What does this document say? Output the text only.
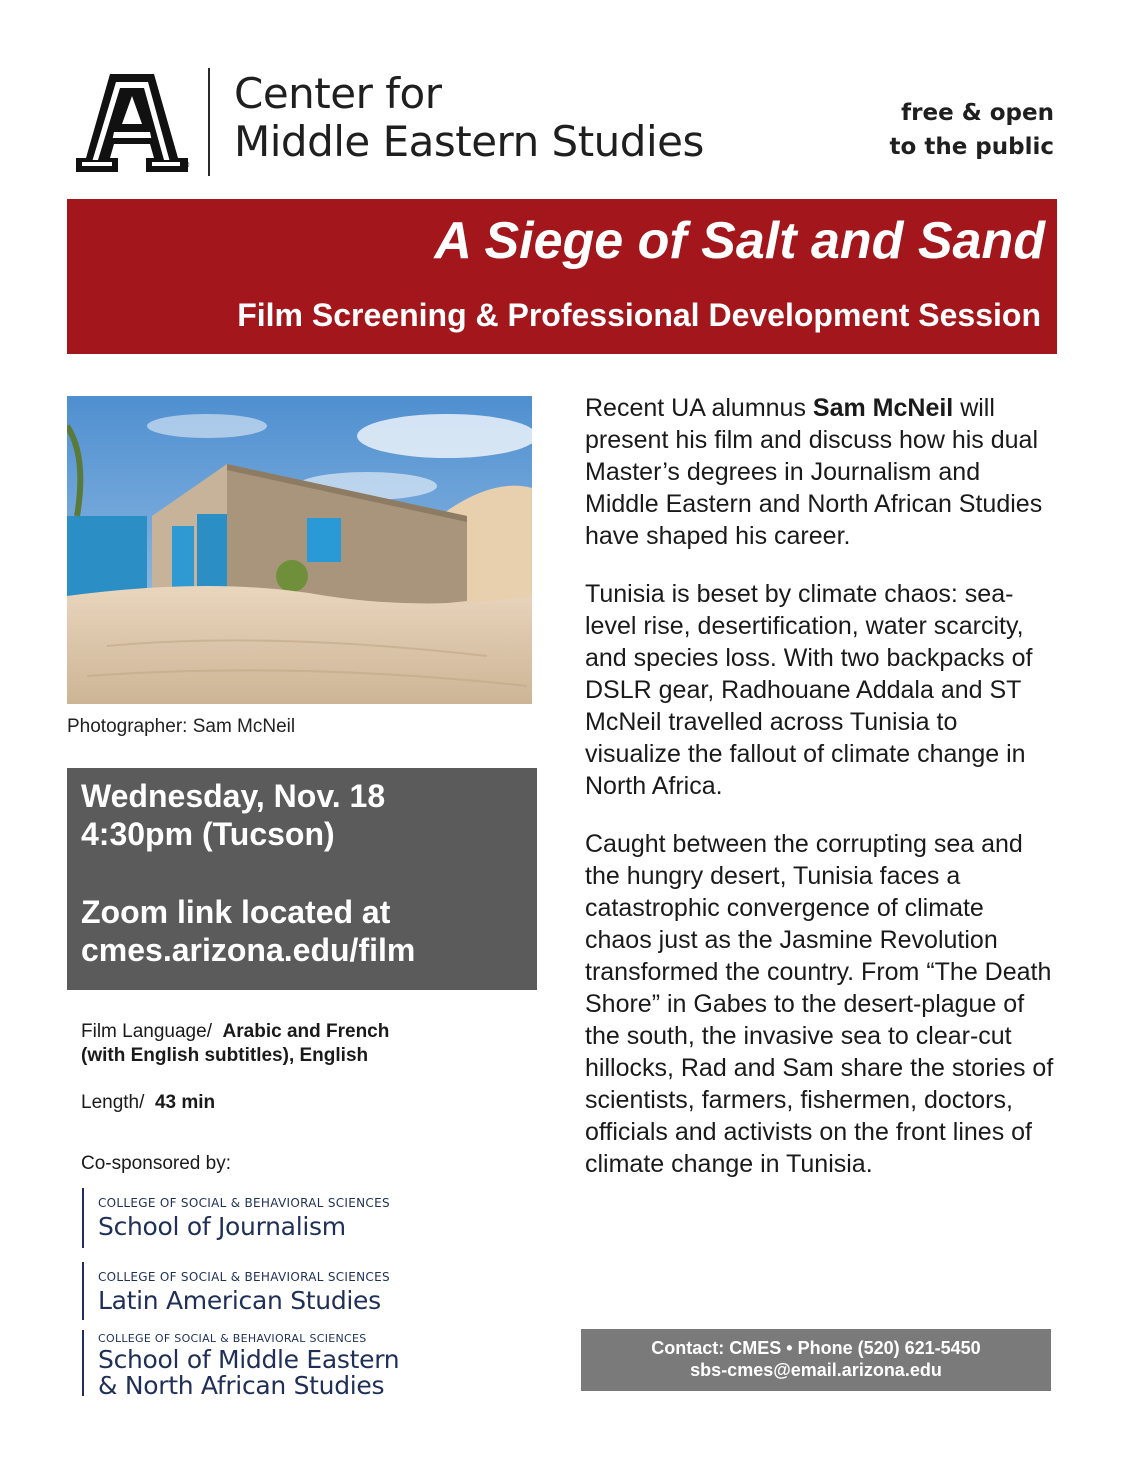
®
Center for
Middle Eastern Studies
free & open
to the public
A Siege of Salt and Sand
Film Screening & Professional Development Session
Photographer: Sam McNeil
Wednesday, Nov. 18
4:30pm (Tucson)
Zoom link located at
cmes.arizona.edu/film
Film Language/ Arabic and French
(with English subtitles), English
Length/ 43 min
Co-sponsored by:
COLLEGE OF SOCIAL & BEHAVIORAL SCIENCES
School of Journalism
COLLEGE OF SOCIAL & BEHAVIORAL SCIENCES
Latin American Studies
COLLEGE OF SOCIAL & BEHAVIORAL SCIENCES
School of Middle Eastern
& North African Studies

Recent UA alumnus Sam McNeil will present his film and discuss how his dual Master’s degrees in Journalism and Middle Eastern and North African Studies have shaped his career.

Tunisia is beset by climate chaos: sea-level rise, desertification, water scarcity, and species loss. With two backpacks of DSLR gear, Radhouane Addala and ST McNeil travelled across Tunisia to visualize the fallout of climate change in North Africa.

Caught between the corrupting sea and the hungry desert, Tunisia faces a catastrophic convergence of climate chaos just as the Jasmine Revolution transformed the country. From “The Death Shore” in Gabes to the desert-plague of the south, the invasive sea to clear-cut hillocks, Rad and Sam share the stories of scientists, farmers, fishermen, doctors, officials and activists on the front lines of climate change in Tunisia.

Contact: CMES • Phone (520) 621-5450
sbs-cmes@email.arizona.edu
